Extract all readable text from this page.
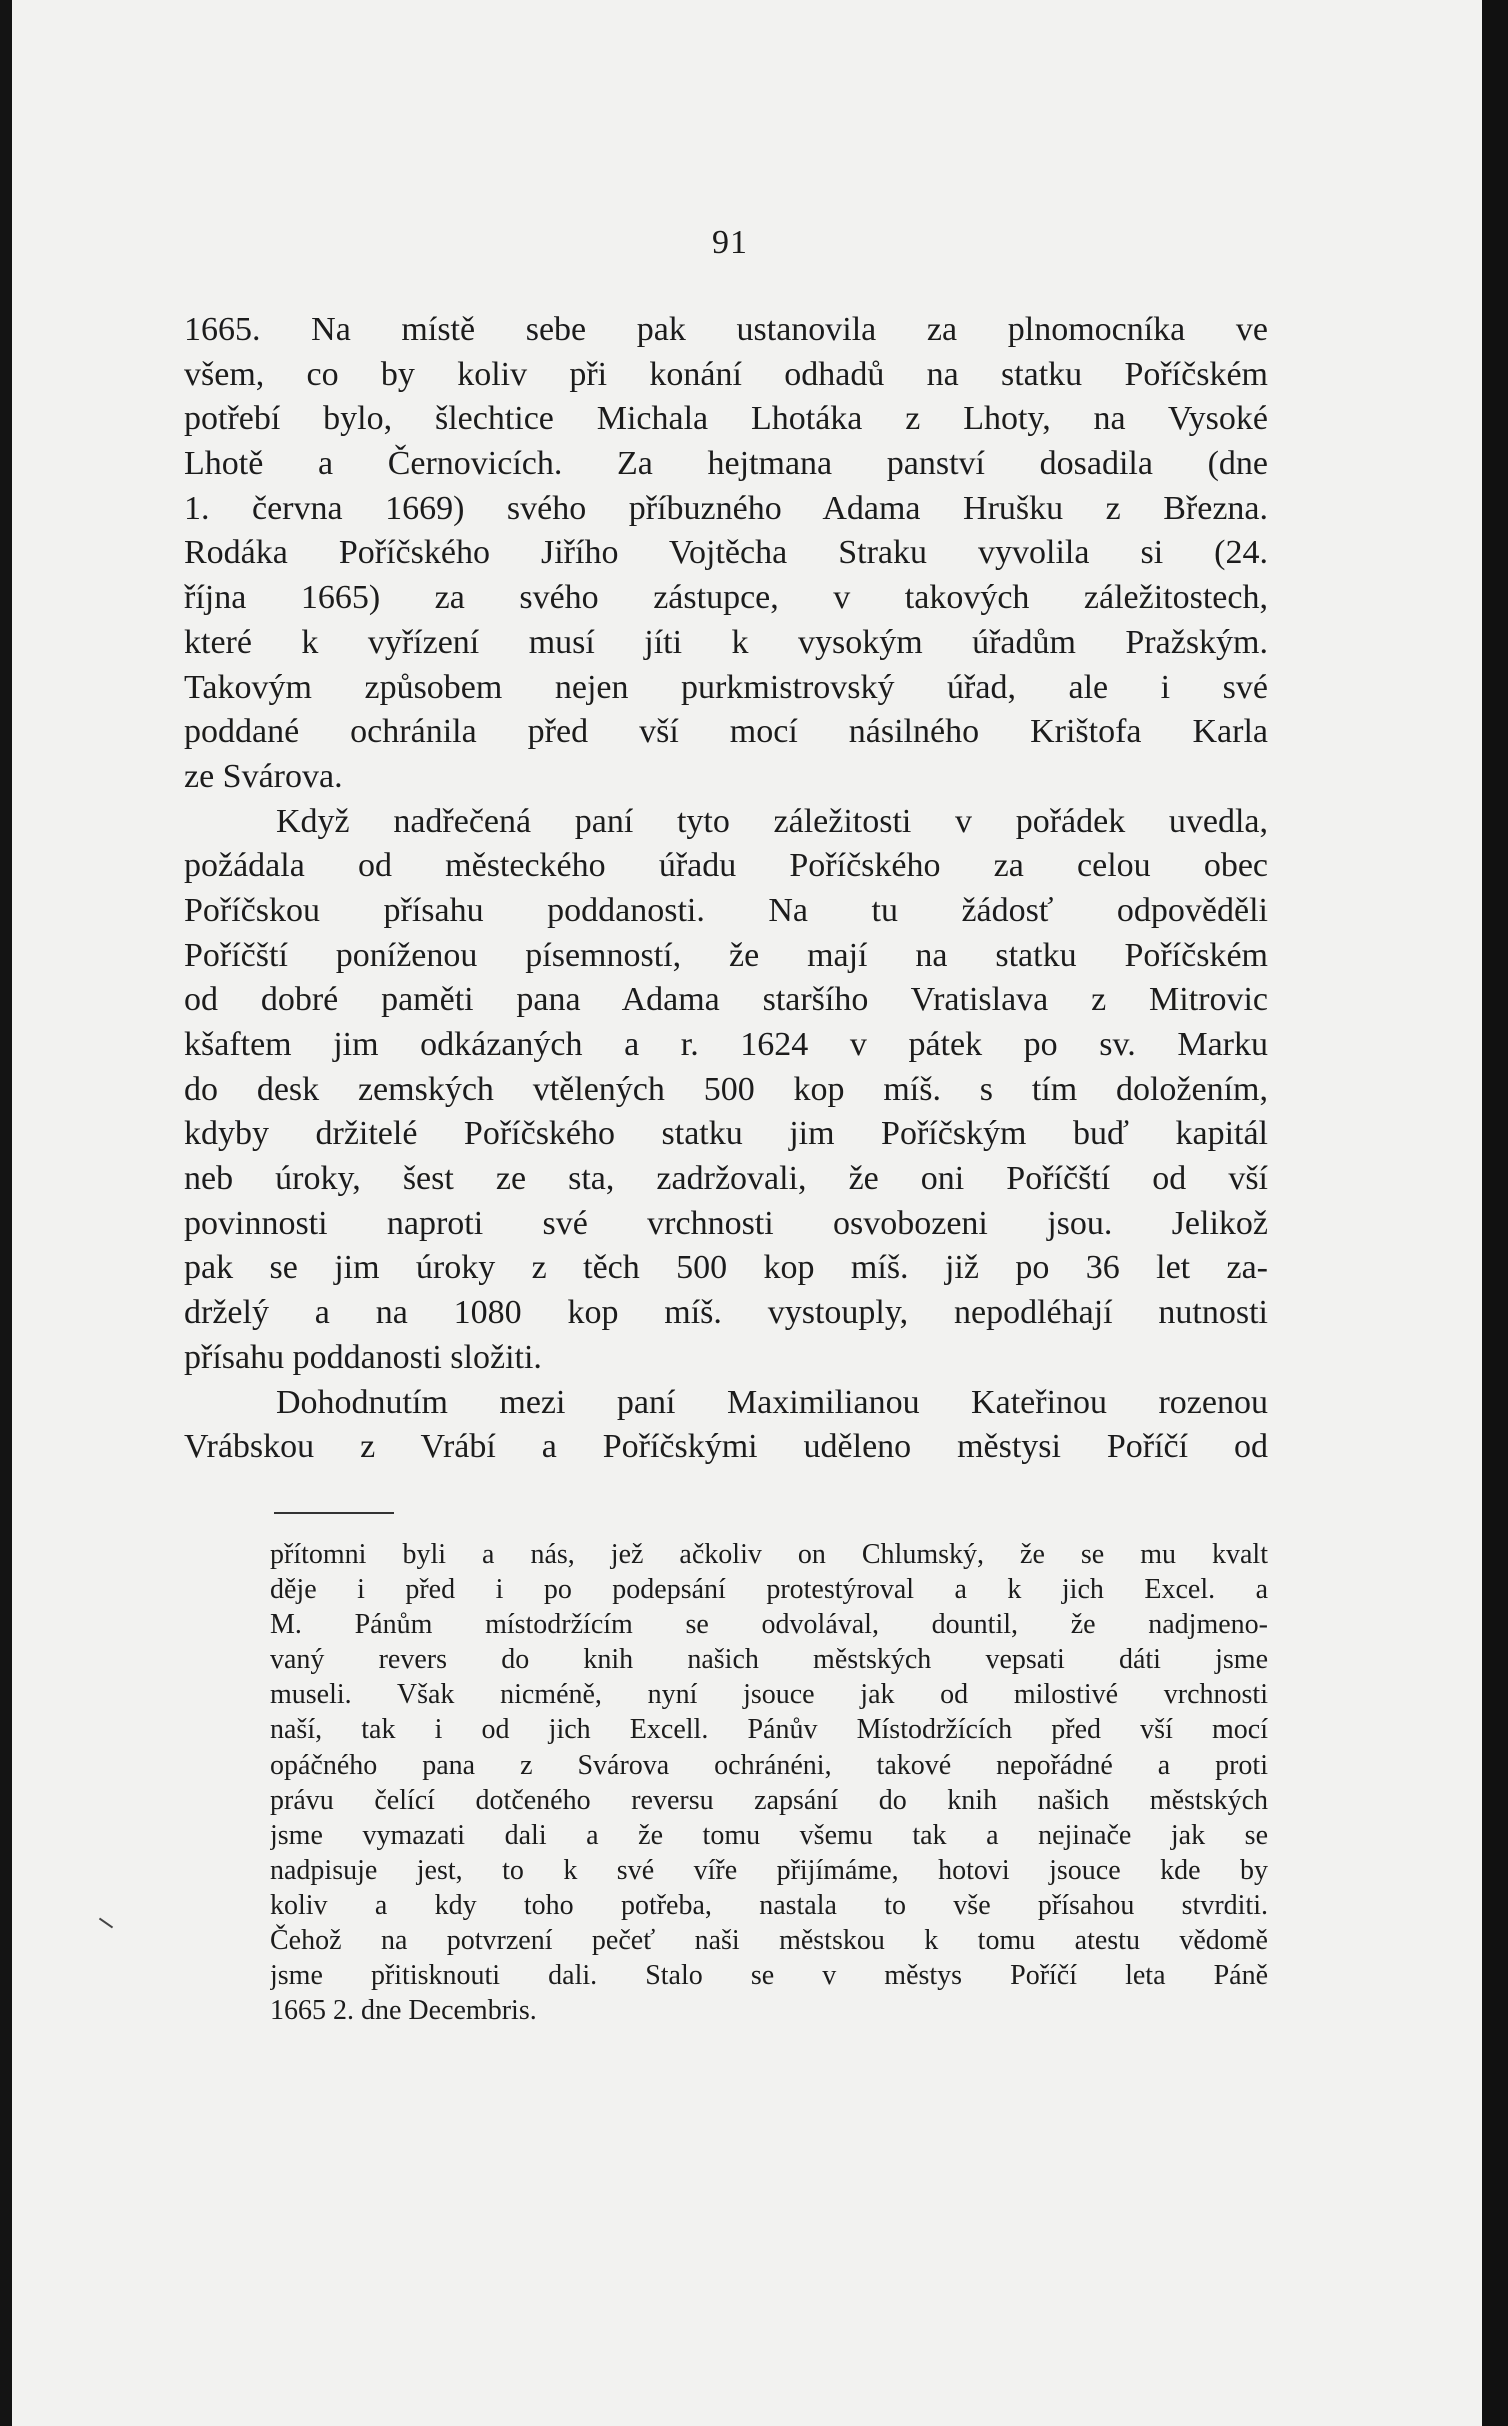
91
1665. Na místě sebe pak ustanovila za plnomocníka ve
všem, co by koliv při konání odhadů na statku Poříčském
potřebí bylo, šlechtice Michala Lhotáka z Lhoty, na Vysoké
Lhotě a Černovicích. Za hejtmana panství dosadila (dne
1. června 1669) svého příbuzného Adama Hrušku z Března.
Rodáka Poříčského Jiřího Vojtěcha Straku vyvolila si (24.
října 1665) za svého zástupce, v takových záležitostech,
které k vyřízení musí jíti k vysokým úřadům Pražským.
Takovým způsobem nejen purkmistrovský úřad, ale i své
poddané ochránila před vší mocí násilného Krištofa Karla
ze Svárova.
Když nadřečená paní tyto záležitosti v pořádek uvedla,
požádala od městeckého úřadu Poříčského za celou obec
Poříčskou přísahu poddanosti. Na tu žádosť odpověděli
Poříčští poníženou písemností, že mají na statku Poříčském
od dobré paměti pana Adama staršího Vratislava z Mitrovic
kšaftem jim odkázaných a r. 1624 v pátek po sv. Marku
do desk zemských vtělených 500 kop míš. s tím doložením,
kdyby držitelé Poříčského statku jim Poříčským buď kapitál
neb úroky, šest ze sta, zadržovali, že oni Poříčští od vší
povinnosti naproti své vrchnosti osvobozeni jsou. Jelikož
pak se jim úroky z těch 500 kop míš. již po 36 let za-
drželý a na 1080 kop míš. vystouply, nepodléhají nutnosti
přísahu poddanosti složiti.
Dohodnutím mezi paní Maximilianou Kateřinou rozenou
Vrábskou z Vrábí a Poříčskými uděleno městysi Poříčí od
přítomni byli a nás, jež ačkoliv on Chlumský, že se mu kvalt
děje i před i po podepsání protestýroval a k jich Excel. a
M. Pánům místodržícím se odvolával, dountil, že nadjmeno-
vaný revers do knih našich městských vepsati dáti jsme
museli. Však nicméně, nyní jsouce jak od milostivé vrchnosti
naší, tak i od jich Excell. Pánův Místodržících před vší mocí
opáčného pana z Svárova ochránéni, takové nepořádné a proti
právu čelící dotčeného reversu zapsání do knih našich městských
jsme vymazati dali a že tomu všemu tak a nejinače jak se
nadpisuje jest, to k své víře přijímáme, hotovi jsouce kde by
koliv a kdy toho potřeba, nastala to vše přísahou stvrditi.
Čehož na potvrzení pečeť naši městskou k tomu atestu vědomě
jsme přitisknouti dali. Stalo se v městys Poříčí leta Páně
1665 2. dne Decembris.
